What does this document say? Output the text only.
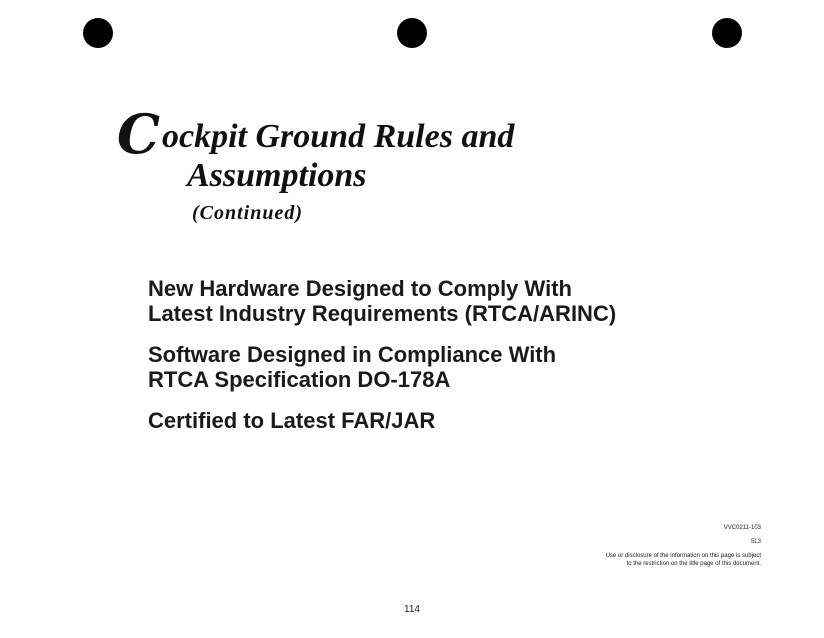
C ockpit Ground Rules and
Assumptions
(Continued)
New Hardware Designed to Comply With
Latest Industry Requirements (RTCA/ARINC)
Software Designed in Compliance With
RTCA Specification DO-178A
Certified to Latest FAR/JAR
VVC0211-103
5L3
Use or disclosure of the information on this page is subject
to the restriction on the title page of this document.
114
